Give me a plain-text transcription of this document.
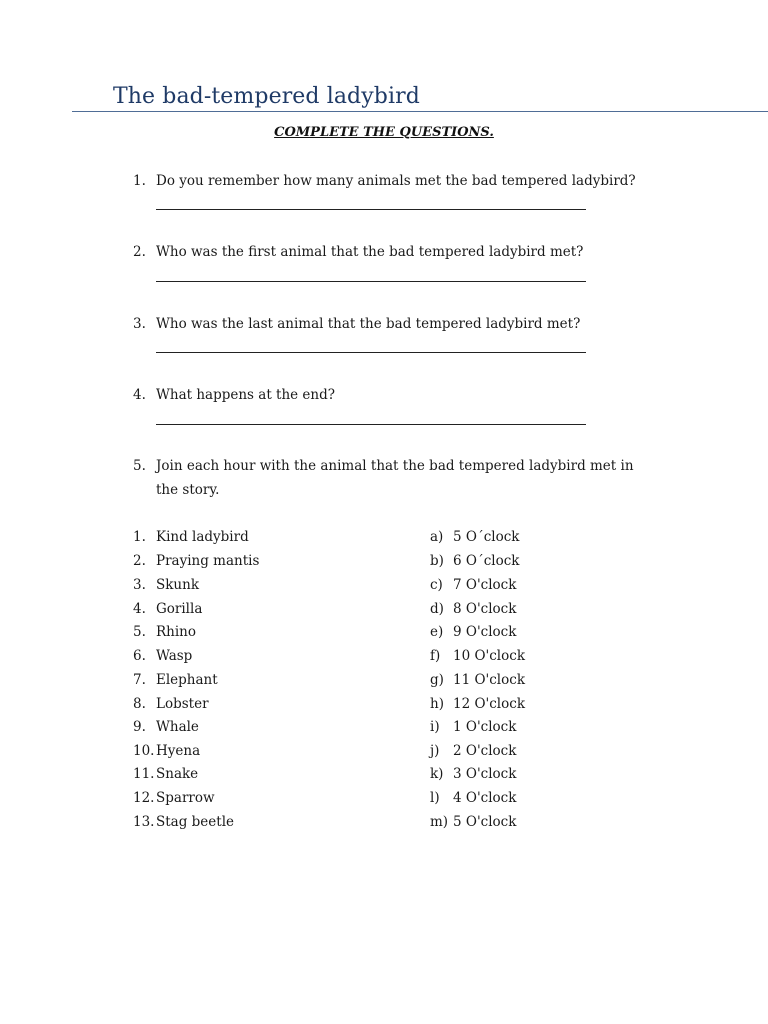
The bad-tempered ladybird
COMPLETE THE QUESTIONS.
1. Do you remember how many animals met the bad tempered ladybird?
2. Who was the first animal that the bad tempered ladybird met?
3. Who was the last animal that the bad tempered ladybird met?
4. What happens at the end?
5. Join each hour with the animal that the bad tempered ladybird met in the story.
1. Kind ladybird	a) 5 O´clock
2. Praying mantis	b) 6 O´clock
3. Skunk	c) 7 O'clock
4. Gorilla	d) 8 O'clock
5. Rhino	e) 9 O'clock
6. Wasp	f) 10 O'clock
7. Elephant	g) 11 O'clock
8. Lobster	h) 12 O'clock
9. Whale	i) 1 O'clock
10. Hyena	j) 2 O'clock
11. Snake	k) 3 O'clock
12. Sparrow	l) 4 O'clock
13. Stag beetle	m) 5 O'clock
